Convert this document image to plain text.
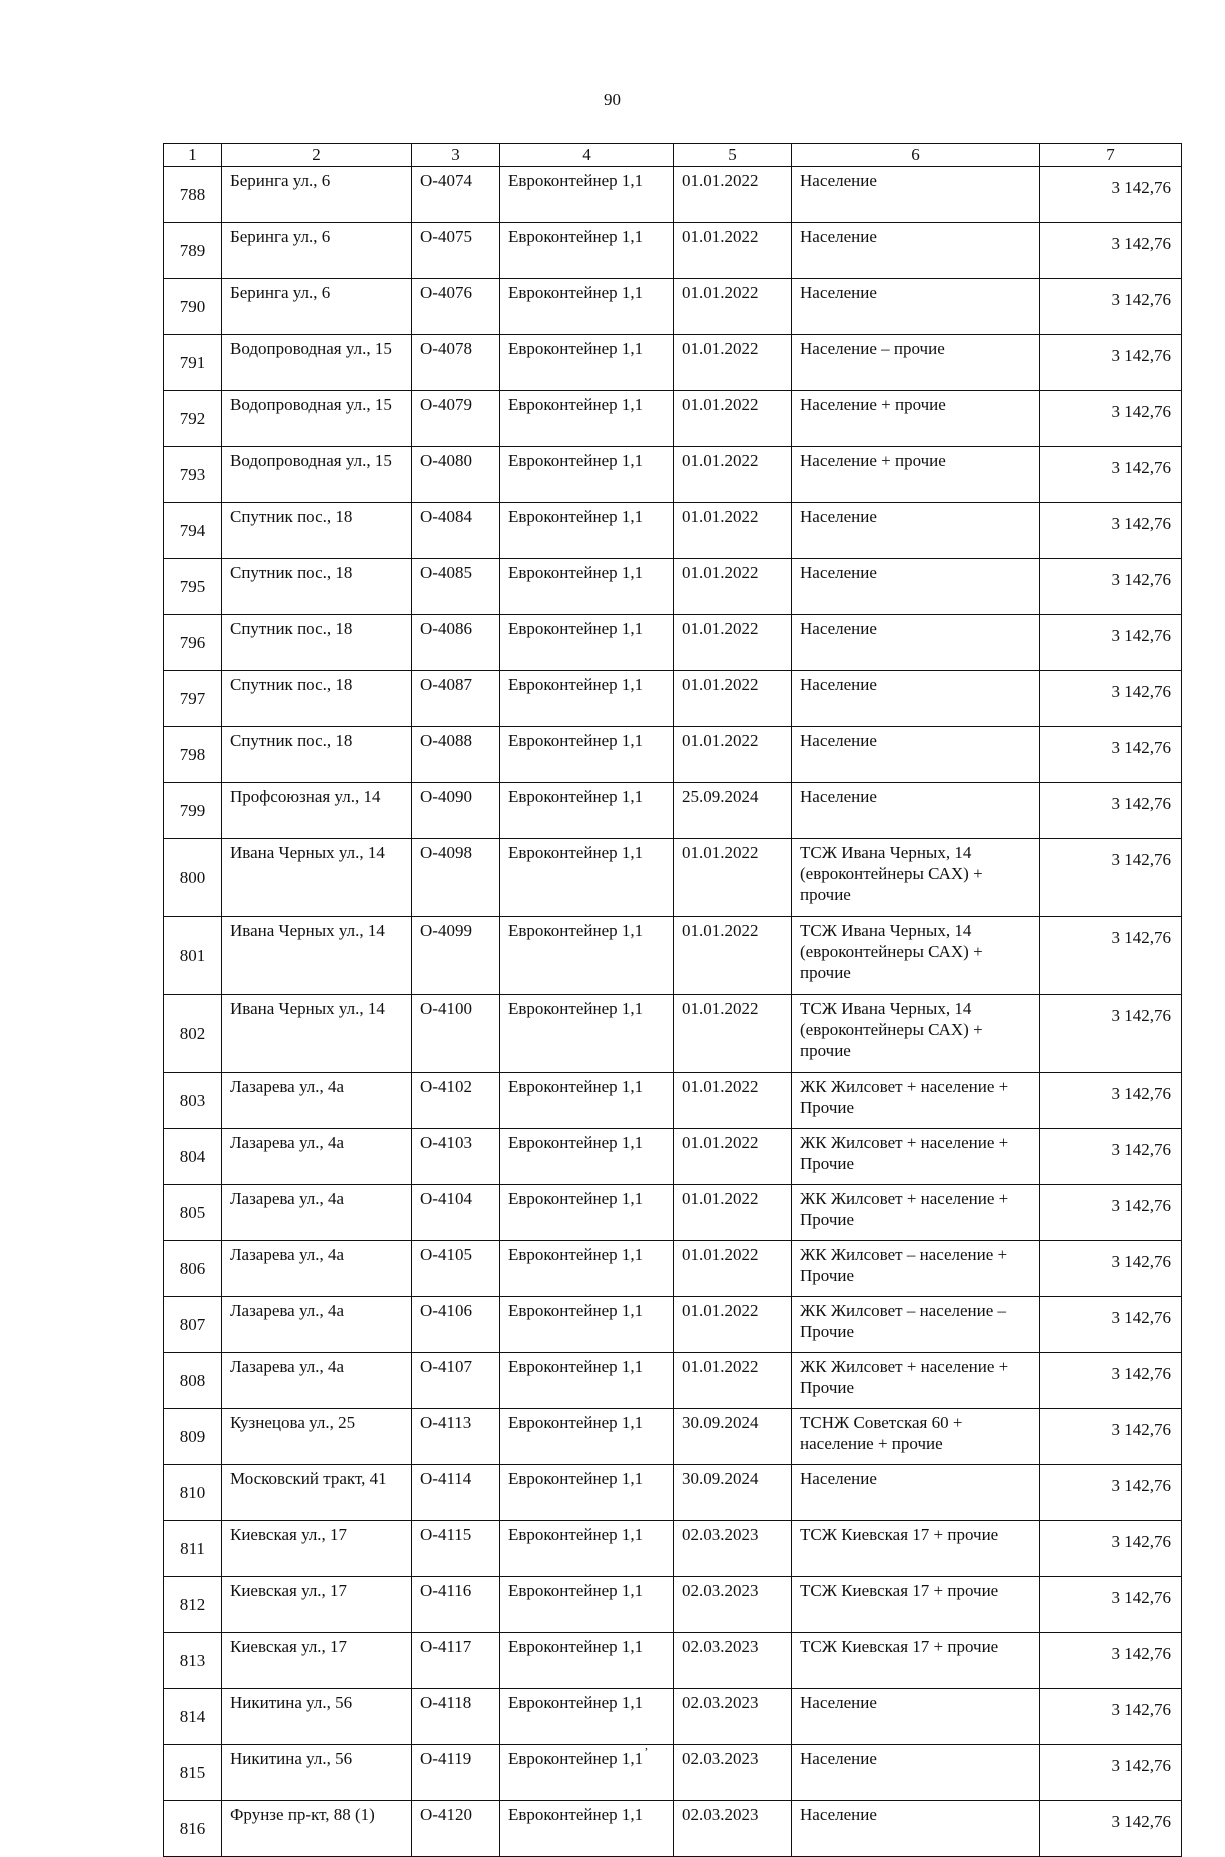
90
1	2	3	4	5	6	7
788	Беринга ул., 6	О-4074	Евроконтейнер 1,1	01.01.2022	Население	3 142,76
789	Беринга ул., 6	О-4075	Евроконтейнер 1,1	01.01.2022	Население	3 142,76
790	Беринга ул., 6	О-4076	Евроконтейнер 1,1	01.01.2022	Население	3 142,76
791	Водопроводная ул., 15	О-4078	Евроконтейнер 1,1	01.01.2022	Население – прочие	3 142,76
792	Водопроводная ул., 15	О-4079	Евроконтейнер 1,1	01.01.2022	Население + прочие	3 142,76
793	Водопроводная ул., 15	О-4080	Евроконтейнер 1,1	01.01.2022	Население + прочие	3 142,76
794	Спутник пос., 18	О-4084	Евроконтейнер 1,1	01.01.2022	Население	3 142,76
795	Спутник пос., 18	О-4085	Евроконтейнер 1,1	01.01.2022	Население	3 142,76
796	Спутник пос., 18	О-4086	Евроконтейнер 1,1	01.01.2022	Население	3 142,76
797	Спутник пос., 18	О-4087	Евроконтейнер 1,1	01.01.2022	Население	3 142,76
798	Спутник пос., 18	О-4088	Евроконтейнер 1,1	01.01.2022	Население	3 142,76
799	Профсоюзная ул., 14	О-4090	Евроконтейнер 1,1	25.09.2024	Население	3 142,76
800	Ивана Черных ул., 14	О-4098	Евроконтейнер 1,1	01.01.2022	ТСЖ Ивана Черных, 14 (евроконтейнеры САХ) + прочие	3 142,76
801	Ивана Черных ул., 14	О-4099	Евроконтейнер 1,1	01.01.2022	ТСЖ Ивана Черных, 14 (евроконтейнеры САХ) + прочие	3 142,76
802	Ивана Черных ул., 14	О-4100	Евроконтейнер 1,1	01.01.2022	ТСЖ Ивана Черных, 14 (евроконтейнеры САХ) + прочие	3 142,76
803	Лазарева ул., 4а	О-4102	Евроконтейнер 1,1	01.01.2022	ЖК Жилсовет + население + Прочие	3 142,76
804	Лазарева ул., 4а	О-4103	Евроконтейнер 1,1	01.01.2022	ЖК Жилсовет + население + Прочие	3 142,76
805	Лазарева ул., 4а	О-4104	Евроконтейнер 1,1	01.01.2022	ЖК Жилсовет + население + Прочие	3 142,76
806	Лазарева ул., 4а	О-4105	Евроконтейнер 1,1	01.01.2022	ЖК Жилсовет – население + Прочие	3 142,76
807	Лазарева ул., 4а	О-4106	Евроконтейнер 1,1	01.01.2022	ЖК Жилсовет – население – Прочие	3 142,76
808	Лазарева ул., 4а	О-4107	Евроконтейнер 1,1	01.01.2022	ЖК Жилсовет + население + Прочие	3 142,76
809	Кузнецова ул., 25	О-4113	Евроконтейнер 1,1	30.09.2024	ТСНЖ Советская 60 + население + прочие	3 142,76
810	Московский тракт, 41	О-4114	Евроконтейнер 1,1	30.09.2024	Население	3 142,76
811	Киевская ул., 17	О-4115	Евроконтейнер 1,1	02.03.2023	ТСЖ Киевская 17 + прочие	3 142,76
812	Киевская ул., 17	О-4116	Евроконтейнер 1,1	02.03.2023	ТСЖ Киевская 17 + прочие	3 142,76
813	Киевская ул., 17	О-4117	Евроконтейнер 1,1	02.03.2023	ТСЖ Киевская 17 + прочие	3 142,76
814	Никитина ул., 56	О-4118	Евроконтейнер 1,1	02.03.2023	Население	3 142,76
815	Никитина ул., 56	О-4119	Евроконтейнер 1,1	02.03.2023	Население	3 142,76
816	Фрунзе пр-кт, 88 (1)	О-4120	Евроконтейнер 1,1	02.03.2023	Население	3 142,76
,
